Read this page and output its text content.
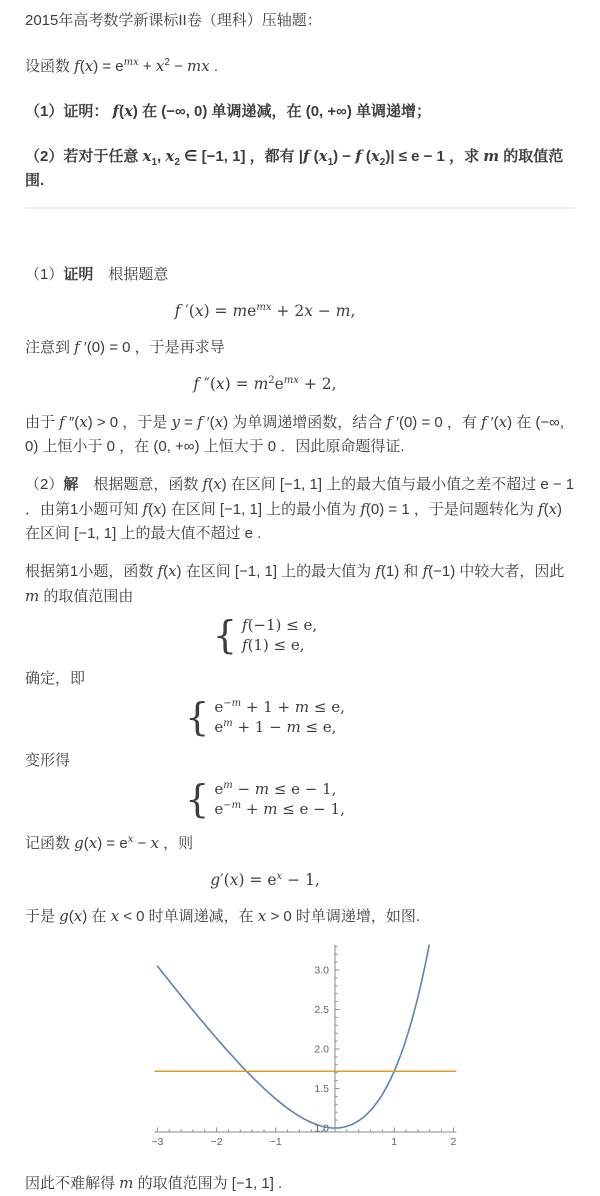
2015年高考数学新课标II卷（理科）压轴题：

设函数 $f(x) = e^{mx} + x^2$ − mx .

（1）证明： f(x) 在 (−∞, 0) 单调递减，在 (0, +∞) 单调递增；

（2）若对于任意 $x_1$, $x_2$ ∈ [−1, 1] ，都有 |f $(x_1) - f$ $(x_2)| \le e - 1$ ，求 m 的取值范围.

（1）证明　根据题意

f $'(x) = me^{mx} + 2x - m$,

注意到 f ′(0) = 0 ，于是再求导

f $''(x) = m^2e^{mx} + 2$,

由于 f ″(x) > 0 ，于是 y = f ′(x) 为单调递增函数，结合 f ′(0) = 0 ，有 f ′(x) 在 (−∞, 0) 上恒小于 0 ，在 (0, +∞) 上恒大于 0 ．因此原命题得证.

（2）解　根据题意，函数 f(x) 在区间 [−1, 1] 上的最大值与最小值之差不超过 e − 1 ．由第1小题可知 f(x) 在区间 [−1, 1] 上的最小值为 f(0) = 1 ，于是问题转化为 f(x) 在区间 [−1, 1] 上的最大值不超过 e .

根据第1小题，函数 f(x) 在区间 [−1, 1] 上的最大值为 f(1) 和 f(−1) 中较大者，因此 m 的取值范围由

{ f(−1) ≤ e,
f(1) ≤ e,

确定，即

{ $e^{-m} + 1 + m \le e$,
$e^m + 1 - m \le e$,

变形得

{ $e^m - m \le e - 1$,
$e^{-m} + m \le e - 1$,

记函数 $g(x) = e^x - x$ ，则

$g'(x) = e^x - 1$,

于是 g(x) 在 x < 0 时单调递减，在 x > 0 时单调递增，如图.

−3	−2	−1	1	2
1.0
1.5
2.0
2.5
3.0

因此不难解得 m 的取值范围为 [−1, 1] .
